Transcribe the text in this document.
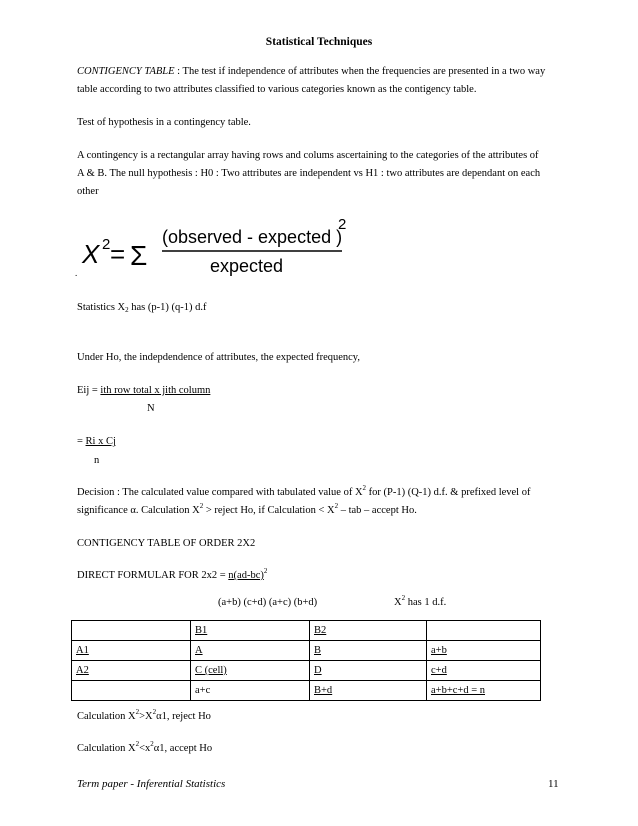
Statistical Techniques
CONTIGENCY TABLE : The test if independence of attributes when the frequencies are presented in a two way
table according to two attributes classified to various categories known as the contigency table.
Test of hypothesis in a contingency table.
A contingency is a rectangular array having rows and colums ascertaining to the categories of the attributes of
A & B. The null hypothesis : H0 : Two attributes are independent vs H1 : two attributes are dependant on each
other
X 2 = Σ
(observed - expected )
2
expected
.
Statistics $X_2$ has (p-1) (q-1) d.f
Under Ho, the indepdendence of attributes, the expected frequency,
Eij = ith row total x jith column
N
= Ri x Cj
n
Decision : The calculated value compared with tabulated value of $X^2$ for (P-1) (Q-1) d.f. & prefixed level of
significance α. Calculation $X^2$ > reject Ho, if Calculation < $X^2$ – tab – accept Ho.
CONTIGENCY TABLE OF ORDER 2X2
DIRECT FORMULAR FOR $2x2 = n(ad-bc)^2$
(a+b) (c+d) (a+c) (b+d)	$X^2$ has 1 d.f.
	B1	B2	
A1	A	B	a+b
A2	C (cell)	D	c+d
	a+c	B+d	a+b+c+d = n
Calculation $X^2>X^2\alpha 1$, reject Ho
Calculation $X^2<x^2\alpha 1$, accept Ho
Term paper - Inferential Statistics	11
